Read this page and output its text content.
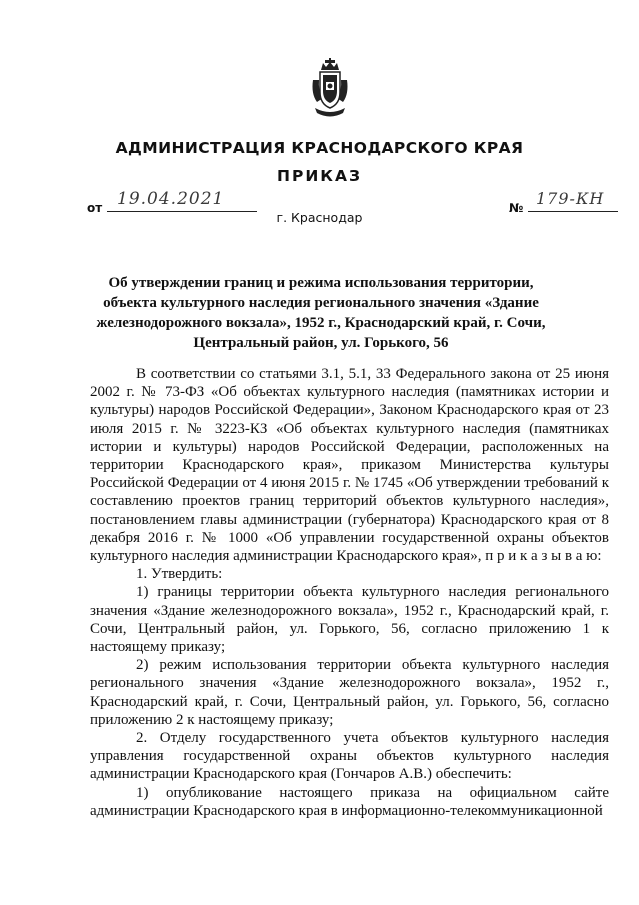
АДМИНИСТРАЦИЯ КРАСНОДАРСКОГО КРАЯ
ПРИКАЗ
от 19.04.2021	№ 179-КН
г. Краснодар
Об утверждении границ и режима использования территории, объекта культурного наследия регионального значения «Здание железнодорожного вокзала», 1952 г., Краснодарский край, г. Сочи, Центральный район, ул. Горького, 56

В соответствии со статьями 3.1, 5.1, 33 Федерального закона от 25 июня 2002 г. № 73-ФЗ «Об объектах культурного наследия (памятниках истории и культуры) народов Российской Федерации», Законом Краснодарского края от 23 июля 2015 г. № 3223-КЗ «Об объектах культурного наследия (памятниках истории и культуры) народов Российской Федерации, расположенных на территории Краснодарского края», приказом Министерства культуры Российской Федерации от 4 июня 2015 г. № 1745 «Об утверждении требований к составлению проектов границ территорий объектов культурного наследия», постановлением главы администрации (губернатора) Краснодарского края от 8 декабря 2016 г. № 1000 «Об управлении государственной охраны объектов культурного наследия администрации Краснодарского края», п р и к а з ы в а ю:

1. Утвердить:

1) границы территории объекта культурного наследия регионального значения «Здание железнодорожного вокзала», 1952 г., Краснодарский край, г. Сочи, Центральный район, ул. Горького, 56, согласно приложению 1 к настоящему приказу;

2) режим использования территории объекта культурного наследия регионального значения «Здание железнодорожного вокзала», 1952 г., Краснодарский край, г. Сочи, Центральный район, ул. Горького, 56, согласно приложению 2 к настоящему приказу;

2. Отделу государственного учета объектов культурного наследия управления государственной охраны объектов культурного наследия администрации Краснодарского края (Гончаров А.В.) обеспечить:

1) опубликование настоящего приказа на официальном сайте администрации Краснодарского края в информационно-телекоммуникационной
